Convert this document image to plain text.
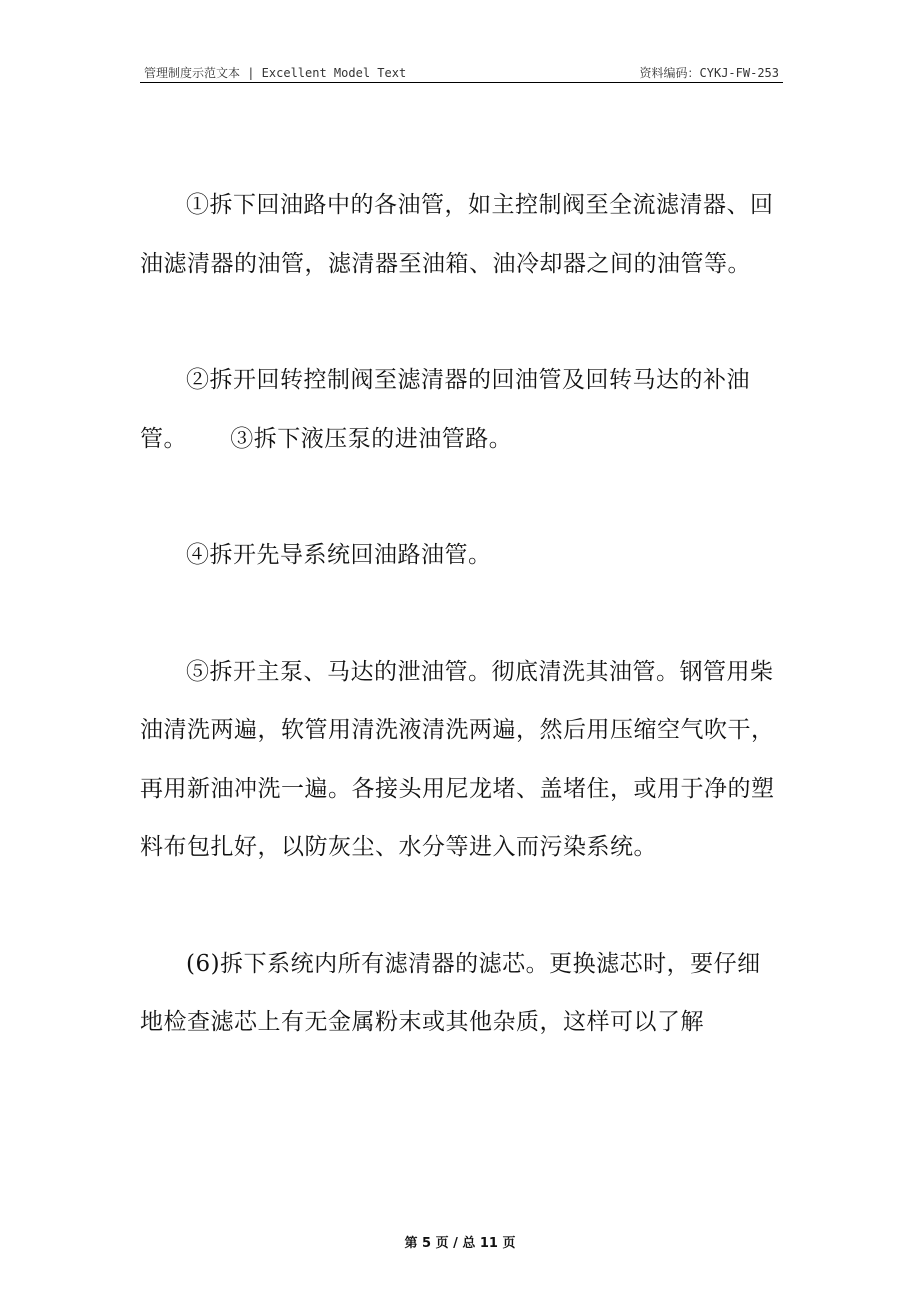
管理制度示范文本 | Excellent Model Text	资料编码：CYKJ-FW-253

①拆下回油路中的各油管，如主控制阀至全流滤清器、回油滤清器的油管，滤清器至油箱、油冷却器之间的油管等。

②拆开回转控制阀至滤清器的回油管及回转马达的补油管。　　 ③拆下液压泵的进油管路。

④拆开先导系统回油路油管。

⑤拆开主泵、马达的泄油管。彻底清洗其油管。钢管用柴油清洗两遍，软管用清洗液清洗两遍，然后用压缩空气吹干，再用新油冲洗一遍。各接头用尼龙堵、盖堵住，或用于净的塑料布包扎好，以防灰尘、水分等进入而污染系统。

(6)拆下系统内所有滤清器的滤芯。更换滤芯时，要仔细地检查滤芯上有无金属粉末或其他杂质，这样可以了解

第 5 页 / 总 11 页
